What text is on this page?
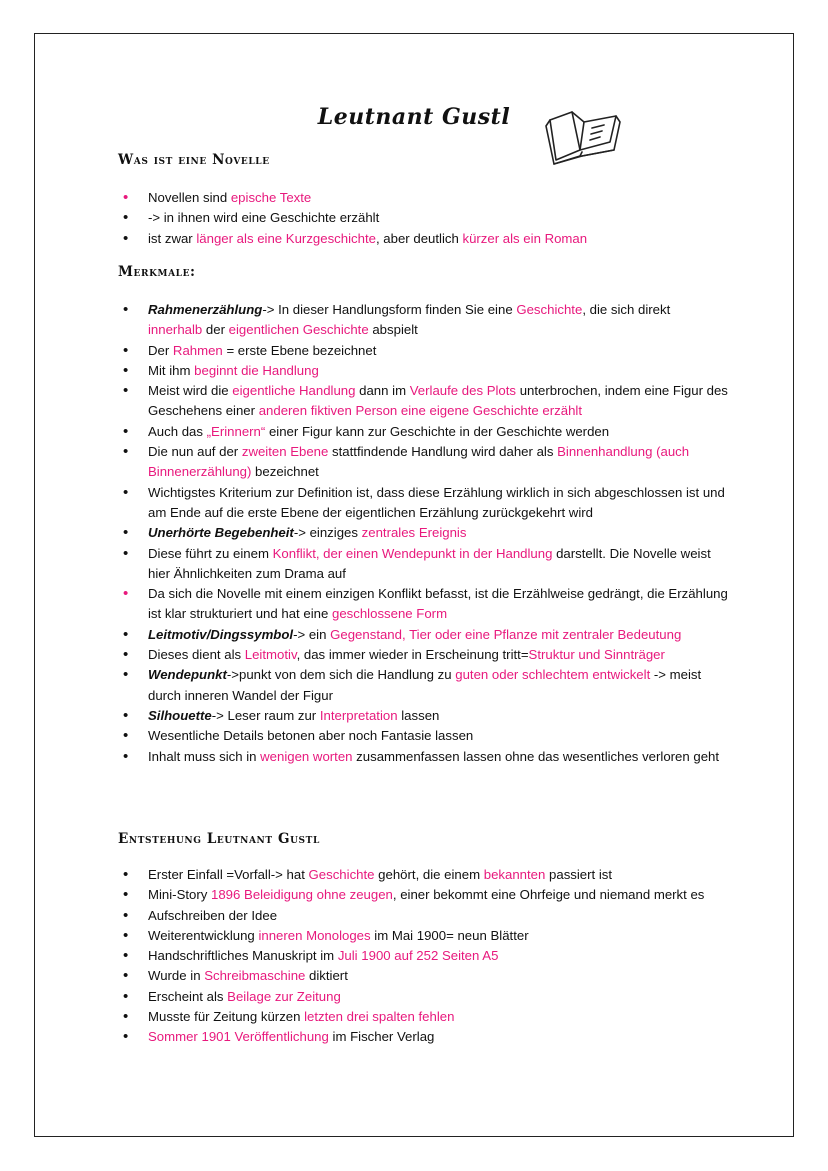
Leutnant Gustl
Was ist eine Novelle
• Novellen sind epische Texte
• -> in ihnen wird eine Geschichte erzählt
• ist zwar länger als eine Kurzgeschichte, aber deutlich kürzer als ein Roman
Merkmale:
• Rahmenerzählung-> In dieser Handlungsform finden Sie eine Geschichte, die sich direkt innerhalb der eigentlichen Geschichte abspielt
• Der Rahmen = erste Ebene bezeichnet
• Mit ihm beginnt die Handlung
• Meist wird die eigentliche Handlung dann im Verlaufe des Plots unterbrochen, indem eine Figur des Geschehens einer anderen fiktiven Person eine eigene Geschichte erzählt
• Auch das „Erinnern“ einer Figur kann zur Geschichte in der Geschichte werden
• Die nun auf der zweiten Ebene stattfindende Handlung wird daher als Binnenhandlung (auch Binnenerzählung) bezeichnet
• Wichtigstes Kriterium zur Definition ist, dass diese Erzählung wirklich in sich abgeschlossen ist und am Ende auf die erste Ebene der eigentlichen Erzählung zurückgekehrt wird
• Unerhörte Begebenheit-> einziges zentrales Ereignis
• Diese führt zu einem Konflikt, der einen Wendepunkt in der Handlung darstellt. Die Novelle weist hier Ähnlichkeiten zum Drama auf
• Da sich die Novelle mit einem einzigen Konflikt befasst, ist die Erzählweise gedrängt, die Erzählung ist klar strukturiert und hat eine geschlossene Form
• Leitmotiv/Dingssymbol-> ein Gegenstand, Tier oder eine Pflanze mit zentraler Bedeutung
• Dieses dient als Leitmotiv, das immer wieder in Erscheinung tritt=Struktur und Sinnträger
• Wendepunkt->punkt von dem sich die Handlung zu guten oder schlechtem entwickelt -> meist durch inneren Wandel der Figur
• Silhouette-> Leser raum zur Interpretation lassen
• Wesentliche Details betonen aber noch Fantasie lassen
• Inhalt muss sich in wenigen worten zusammenfassen lassen ohne das wesentliches verloren geht
Entstehung Leutnant Gustl
• Erster Einfall =Vorfall-> hat Geschichte gehört, die einem bekannten passiert ist
• Mini-Story 1896 Beleidigung ohne zeugen, einer bekommt eine Ohrfeige und niemand merkt es
• Aufschreiben der Idee
• Weiterentwicklung inneren Monologes im Mai 1900= neun Blätter
• Handschriftliches Manuskript im Juli 1900 auf 252 Seiten A5
• Wurde in Schreibmaschine diktiert
• Erscheint als Beilage zur Zeitung
• Musste für Zeitung kürzen letzten drei spalten fehlen
• Sommer 1901 Veröffentlichung im Fischer Verlag
